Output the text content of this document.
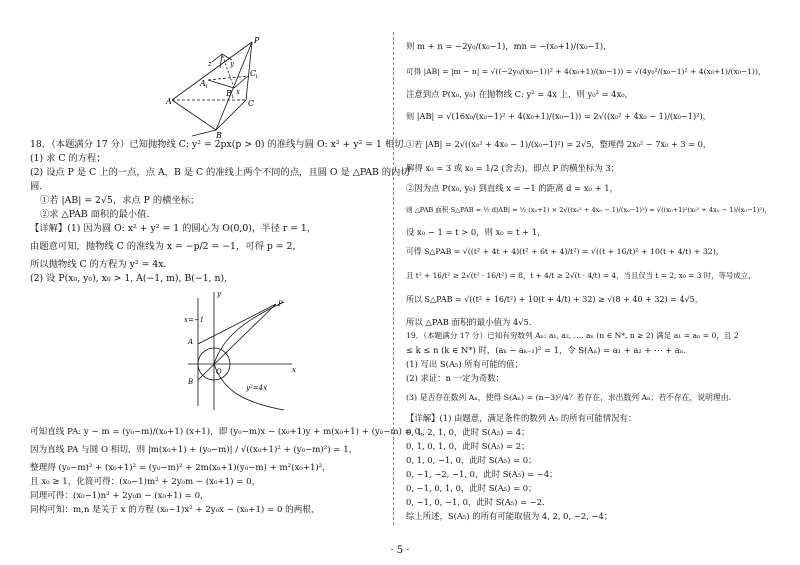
P
A 1
B 1
C
1
A
B
C
z	y
x
18．（本题满分 17 分）已知抛物线 C: y² = 2px(p > 0) 的准线与圆 O: x² + y² = 1 相切.
(1) 求 C 的方程；
(2) 设点 P 是 C 上的一点，点 A，B 是 C 的准线上两个不同的点，且圆 O 是 △PAB 的内切
圆.
①若 |AB| = 2√5，求点 P 的横坐标；
②求 △PAB 面积的最小值.
【详解】(1) 因为圆 O: x² + y² = 1 的圆心为 O(0,0)，半径 r = 1，
由题意可知，抛物线 C 的准线为 x = −p/2 = −1，可得 p = 2，
所以抛物线 C 的方程为 y² = 4x.
(2) 设 P(x₀, y₀), x₀ > 1, A(−1, m), B(−1, n),
y
x
O
A
B
P
x=−1
y²=4x
可知直线 PA: y − m = (y₀−m)/(x₀+1) (x+1)，即 (y₀−m)x − (x₀+1)y + m(x₀+1) + (y₀−m) = 0，
因为直线 PA 与圆 O 相切，则 |m(x₀+1) + (y₀−m)| / √((x₀+1)² + (y₀−m)²) = 1，
整理得 (y₀−m)² + (x₀+1)² = (y₀−m)² + 2m(x₀+1)(y₀−m) + m²(x₀+1)²，
且 x₀ ≥ 1，化简可得：(x₀−1)m² + 2y₀m − (x₀+1) = 0，
同理可得：(x₀−1)n² + 2y₀n − (x₀+1) = 0，
同构可知：m,n 是关于 x 的方程 (x₀−1)x² + 2y₀x − (x₀+1) = 0 的两根，
则 m + n = −2y₀/(x₀−1)，mn = −(x₀+1)/(x₀−1)，
可得 |AB| = |m − n| = √((−2y₀/(x₀−1))² + 4(x₀+1)/(x₀−1)) = √(4y₀²/(x₀−1)² + 4(x₀+1)/(x₀−1))，
注意到点 P(x₀, y₀) 在抛物线 C: y² = 4x 上，则 y₀² = 4x₀，
则 |AB| = √(16x₀/(x₀−1)² + 4(x₀+1)/(x₀−1)) = 2√((x₀² + 4x₀ − 1)/(x₀−1)²)，
①若 |AB| = 2√((x₀² + 4x₀ − 1)/(x₀−1)²) = 2√5，整理得 2x₀² − 7x₀ + 3 = 0，
解得 x₀ = 3 或 x₀ = 1/2 (舍去)，即点 P 的横坐标为 3；
②因为点 P(x₀, y₀) 到直线 x = −1 的距离 d = x₀ + 1，
则 △PAB 面积 S△PAB = ½ d|AB| = ½ (x₀+1) × 2√((x₀² + 4x₀ − 1)/(x₀−1)²) = √((x₀+1)²(x₀² + 4x₀ − 1)/(x₀−1)²)，
设 x₀ − 1 = t > 0，则 x₀ = t + 1，
可得 S△PAB = √((t² + 4t + 4)(t² + 6t + 4)/t²) = √((t + 16/t)² + 10(t + 4/t) + 32)，
且 t² + 16/t² ≥ 2√(t² · 16/t²) = 8，t + 4/t ≥ 2√(t · 4/t) = 4，当且仅当 t = 2, x₀ = 3 时，等号成立，
所以 S△PAB = √((t² + 16/t²) + 10(t + 4/t) + 32) ≥ √(8 + 40 + 32) = 4√5，
所以 △PAB 面积的最小值为 4√5.
19．（本题满分 17 分）已知有穷数列 Aₙ: a₁, a₂, …, aₙ (n ∈ N*, n ≥ 2) 满足 a₁ = aₙ = 0，且 2
≤ k ≤ n (k ∈ N*) 时，(aₖ − aₖ₋₁)² = 1，令 S(Aₙ) = a₁ + a₂ + ⋯ + aₙ.
(1) 写出 S(A₅) 所有可能的值；
(2) 求证：n 一定为奇数；
(3) 是否存在数列 Aₙ，使得 S(Aₙ) = (n−3)²/4？若存在，求出数列 Aₙ；若不存在，说明理由.
【详解】(1) 由题意，满足条件的数列 A₅ 的所有可能情况有：
0, 1, 2, 1, 0，此时 S(A₅) = 4；
0, 1, 0, 1, 0，此时 S(A₅) = 2；
0, 1, 0, −1, 0，此时 S(A₅) = 0；
0, −1, −2, −1, 0，此时 S(A₅) = −4；
0, −1, 0, 1, 0，此时 S(A₅) = 0；
0, −1, 0, −1, 0，此时 S(A₅) = −2.
综上所述，S(A₅) 的所有可能取值为 4, 2, 0, −2, −4；
· 5 ·
